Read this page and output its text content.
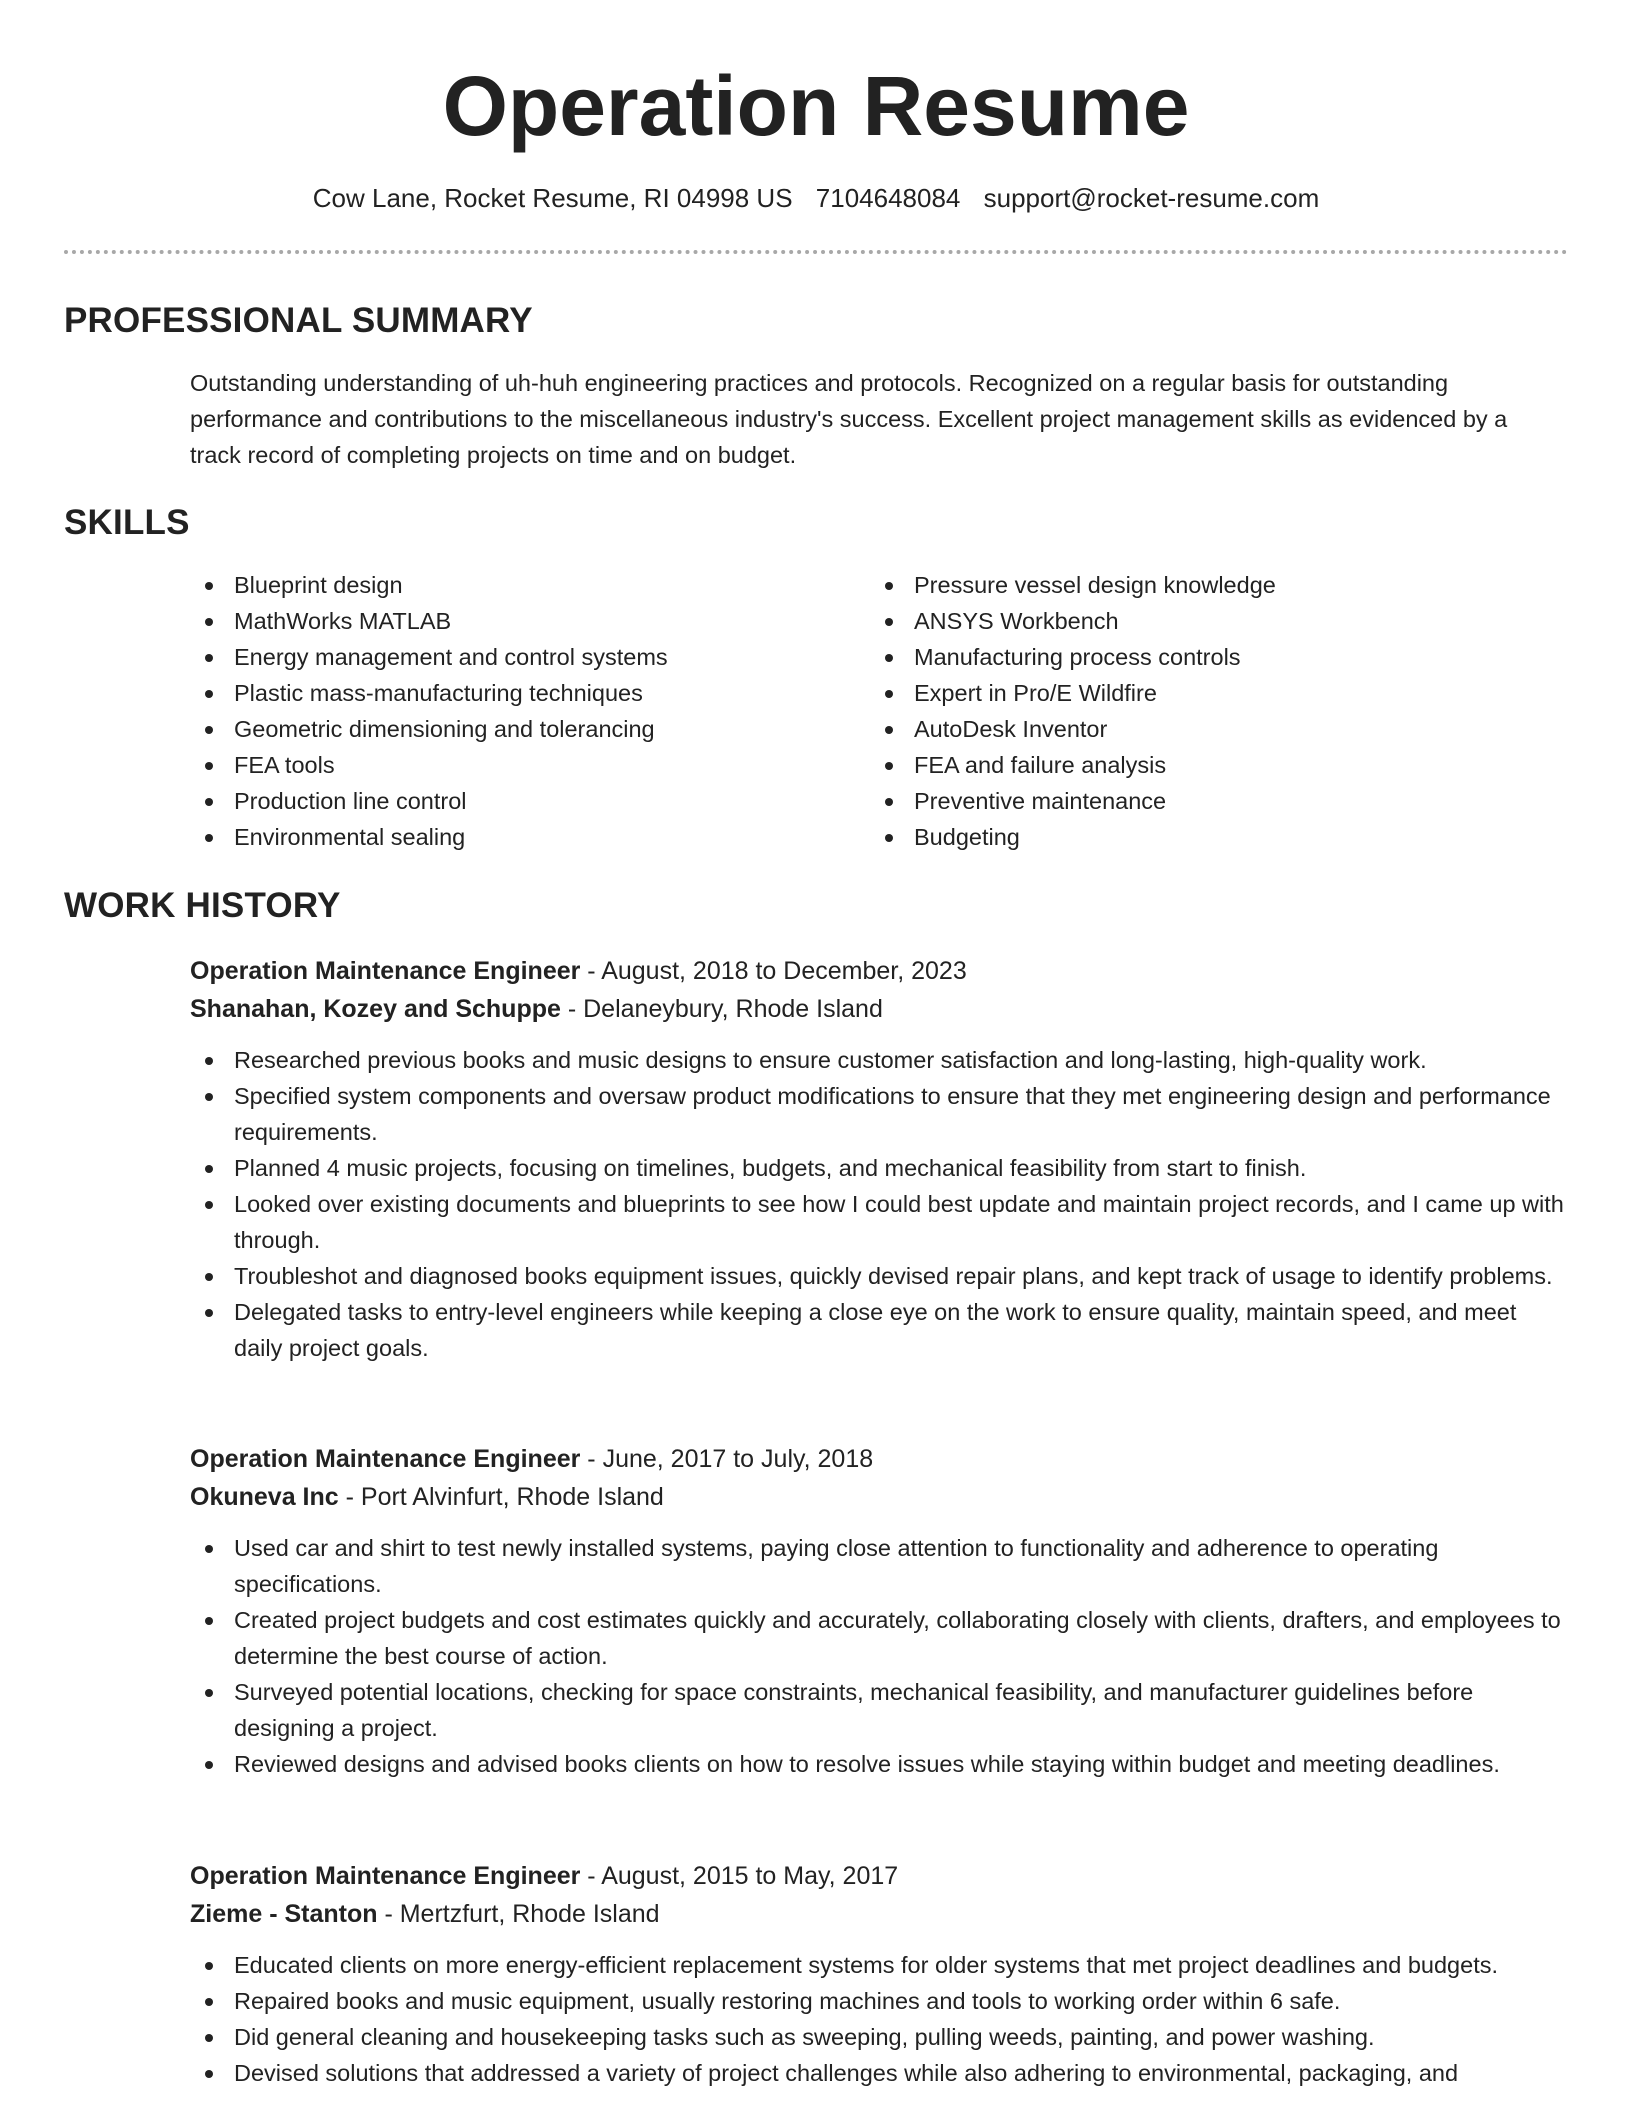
Operation Resume
Cow Lane, Rocket Resume, RI 04998 US 7104648084 support@rocket-resume.com
PROFESSIONAL SUMMARY

Outstanding understanding of uh-huh engineering practices and protocols. Recognized on a regular basis for outstanding performance and contributions to the miscellaneous industry's success. Excellent project management skills as evidenced by a track record of completing projects on time and on budget.

SKILLS
Blueprint design
MathWorks MATLAB
Energy management and control systems
Plastic mass-manufacturing techniques
Geometric dimensioning and tolerancing
FEA tools
Production line control
Environmental sealing
Pressure vessel design knowledge
ANSYS Workbench
Manufacturing process controls
Expert in Pro/E Wildfire
AutoDesk Inventor
FEA and failure analysis
Preventive maintenance
Budgeting
WORK HISTORY
Operation Maintenance Engineer - August, 2018 to December, 2023
Shanahan, Kozey and Schuppe - Delaneybury, Rhode Island
Researched previous books and music designs to ensure customer satisfaction and long-lasting, high-quality work.
Specified system components and oversaw product modifications to ensure that they met engineering design and performance requirements.
Planned 4 music projects, focusing on timelines, budgets, and mechanical feasibility from start to finish.
Looked over existing documents and blueprints to see how I could best update and maintain project records, and I came up with through.
Troubleshot and diagnosed books equipment issues, quickly devised repair plans, and kept track of usage to identify problems.
Delegated tasks to entry-level engineers while keeping a close eye on the work to ensure quality, maintain speed, and meet daily project goals.
Operation Maintenance Engineer - June, 2017 to July, 2018
Okuneva Inc - Port Alvinfurt, Rhode Island
Used car and shirt to test newly installed systems, paying close attention to functionality and adherence to operating specifications.
Created project budgets and cost estimates quickly and accurately, collaborating closely with clients, drafters, and employees to determine the best course of action.
Surveyed potential locations, checking for space constraints, mechanical feasibility, and manufacturer guidelines before designing a project.
Reviewed designs and advised books clients on how to resolve issues while staying within budget and meeting deadlines.
Operation Maintenance Engineer - August, 2015 to May, 2017
Zieme - Stanton - Mertzfurt, Rhode Island
Educated clients on more energy-efficient replacement systems for older systems that met project deadlines and budgets.
Repaired books and music equipment, usually restoring machines and tools to working order within 6 safe.
Did general cleaning and housekeeping tasks such as sweeping, pulling weeds, painting, and power washing.
Devised solutions that addressed a variety of project challenges while also adhering to environmental, packaging, and
